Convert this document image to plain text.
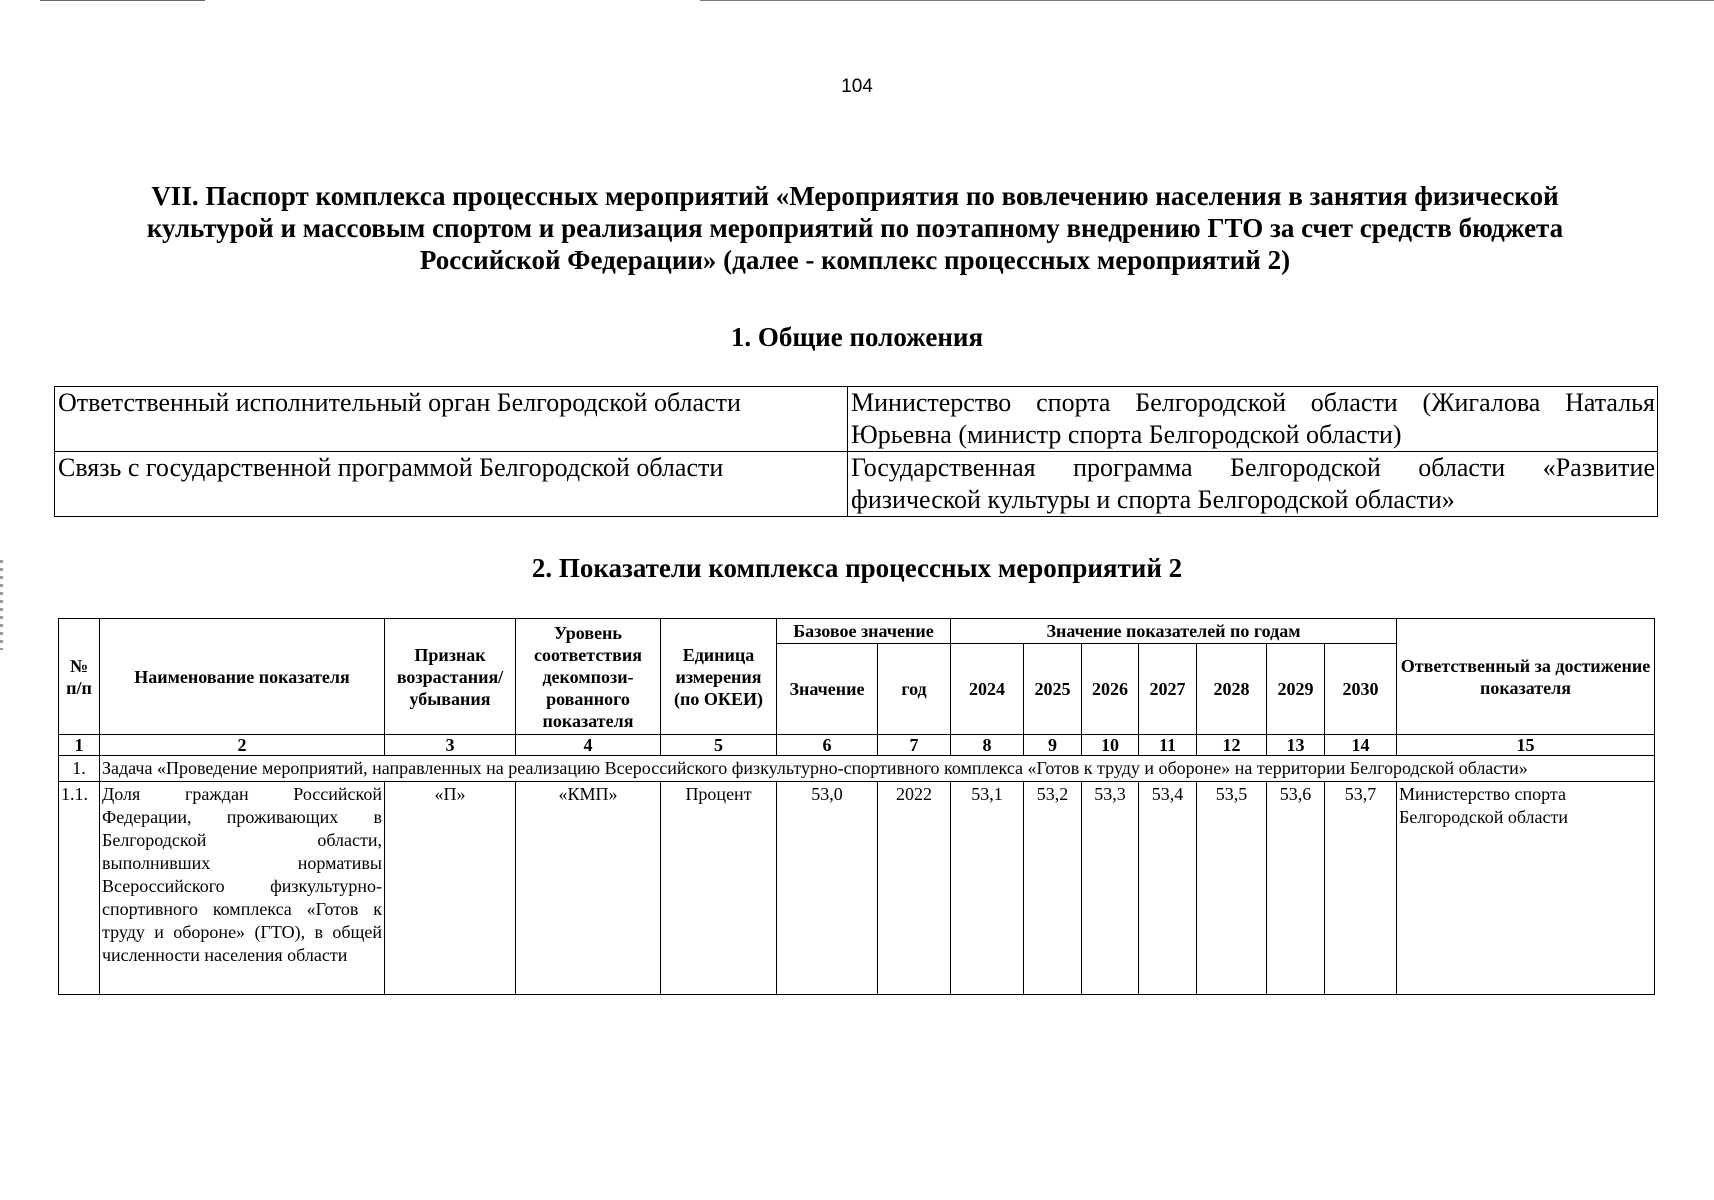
104
VII. Паспорт комплекса процессных мероприятий «Мероприятия по вовлечению населения в занятия физической культурой и массовым спортом и реализация мероприятий по поэтапному внедрению ГТО за счет средств бюджета Российской Федерации» (далее - комплекс процессных мероприятий 2)
1. Общие положения
Ответственный исполнительный орган Белгородской области	Министерство спорта Белгородской области (Жигалова Наталья Юрьевна (министр спорта Белгородской области)
Связь с государственной программой Белгородской области	Государственная программа Белгородской области «Развитие физической культуры и спорта Белгородской области»
2. Показатели комплекса процессных мероприятий 2
№ п/п	Наименование показателя	Признак возрастания/ убывания	Уровень соответствия декомпози-рованного показателя	Единица измерения (по ОКЕИ)	Базовое значение		Значение показателей по годам							Ответственный за достижение показателя
					Значение	год	2024	2025	2026	2027	2028	2029	2030	
1	2	3	4	5	6	7	8	9	10	11	12	13	14	15
1.	Задача «Проведение мероприятий, направленных на реализацию Всероссийского физкультурно-спортивного комплекса «Готов к труду и обороне» на территории Белгородской области»													
1.1.	Доля граждан Российской Федерации, проживающих в Белгородской области, выполнивших нормативы Всероссийского физкультурно-спортивного комплекса «Готов к труду и обороне» (ГТО), в общей численности населения области	«П»	«КМП»	Процент	53,0	2022	53,1	53,2	53,3	53,4	53,5	53,6	53,7	Министерство спорта Белгородской области
